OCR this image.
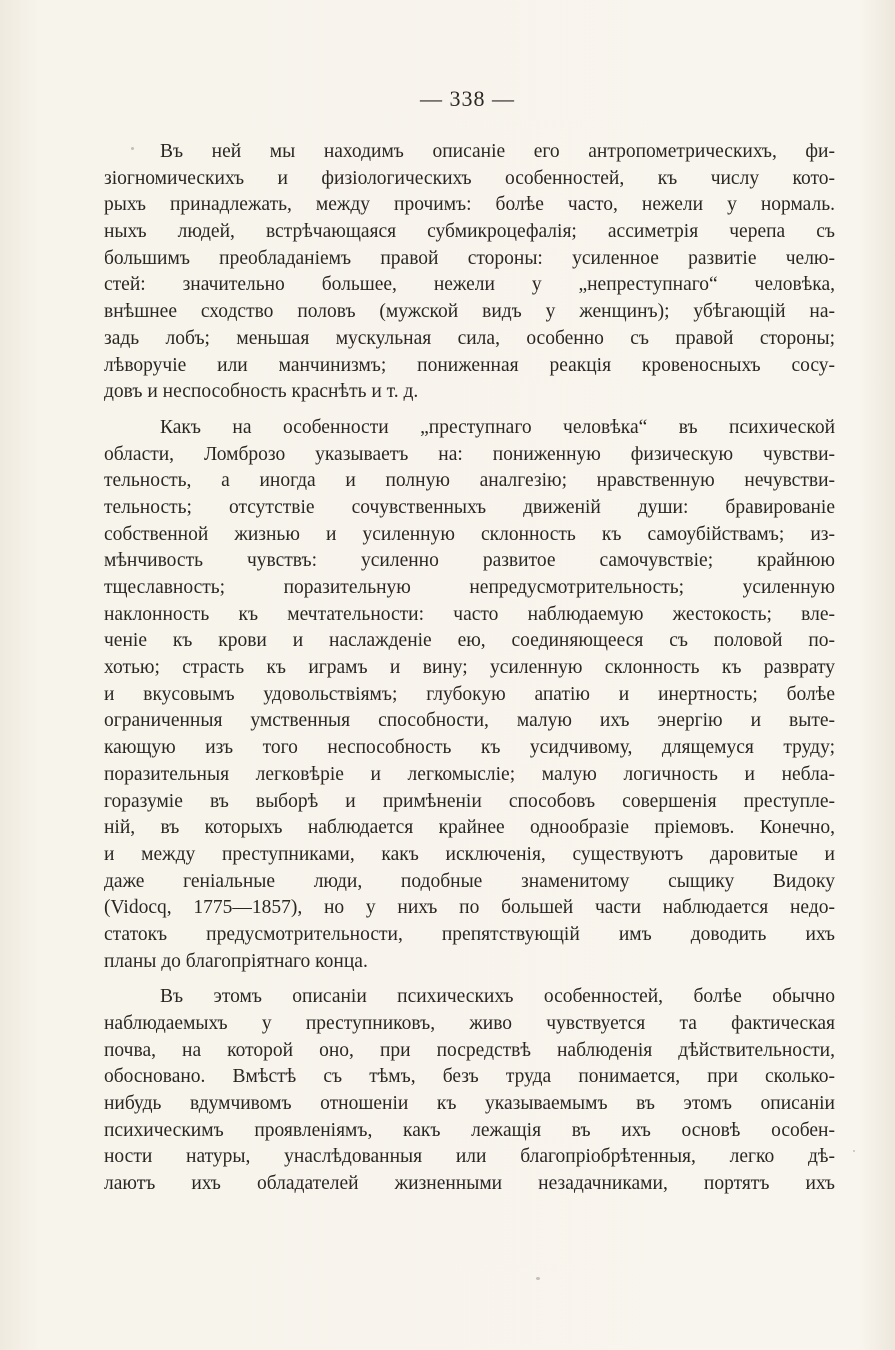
— 338 —
Въ ней мы находимъ описаніе его антропометрическихъ, фи-
зіогномическихъ и физіологическихъ особенностей, къ числу кото-
рыхъ принадлежать, между прочимъ: болѣе часто, нежели у нормаль.
ныхъ людей, встрѣчающаяся субмикроцефалія; ассиметрія черепа съ
большимъ преобладаніемъ правой стороны: усиленное развитіе челю-
стей: значительно большее, нежели у „непреступнаго“ человѣка,
внѣшнее сходство половъ (мужской видъ у женщинъ); убѣгающій на-
задь лобъ; меньшая мускульная сила, особенно съ правой стороны;
лѣворучіе или манчинизмъ; пониженная реакція кровеносныхъ сосу-
довъ и неспособность краснѣть и т. д.
Какъ на особенности „преступнаго человѣка“ въ психической
области, Ломброзо указываетъ на: пониженную физическую чувстви-
тельность, а иногда и полную аналгезію; нравственную нечувстви-
тельность; отсутствіе сочувственныхъ движеній души: бравированіе
собственной жизнью и усиленную склонность къ самоубійствамъ; из-
мѣнчивость чувствъ: усиленно развитое самочувствіе; крайнюю
тщеславность; поразительную непредусмотрительность; усиленную
наклонность къ мечтательности: часто наблюдаемую жестокость; вле-
ченіе къ крови и наслажденіе ею, соединяющееся съ половой по-
хотью; страсть къ играмъ и вину; усиленную склонность къ разврату
и вкусовымъ удовольствіямъ; глубокую апатію и инертность; болѣе
ограниченныя умственныя способности, малую ихъ энергію и выте-
кающую изъ того неспособность къ усидчивому, длящемуся труду;
поразительныя легковѣріе и легкомысліе; малую логичность и небла-
горазуміе въ выборѣ и примѣненіи способовъ совершенія преступле-
ній, въ которыхъ наблюдается крайнее однообразіе пріемовъ. Конечно,
и между преступниками, какъ исключенія, существуютъ даровитые и
даже геніальные люди, подобные знаменитому сыщику Видоку
(Vidocq, 1775—1857), но у нихъ по большей части наблюдается недо-
статокъ предусмотрительности, препятствующій имъ доводить ихъ
планы до благопріятнаго конца.
Въ этомъ описаніи психическихъ особенностей, болѣе обычно
наблюдаемыхъ у преступниковъ, живо чувствуется та фактическая
почва, на которой оно, при посредствѣ наблюденія дѣйствительности,
обосновано. Вмѣстѣ съ тѣмъ, безъ труда понимается, при сколько-
нибудь вдумчивомъ отношеніи къ указываемымъ въ этомъ описаніи
психическимъ проявленіямъ, какъ лежащія въ ихъ основѣ особен-
ности натуры, унаслѣдованныя или благопріобрѣтенныя, легко дѣ-
лаютъ ихъ обладателей жизненными незадачниками, портятъ ихъ
